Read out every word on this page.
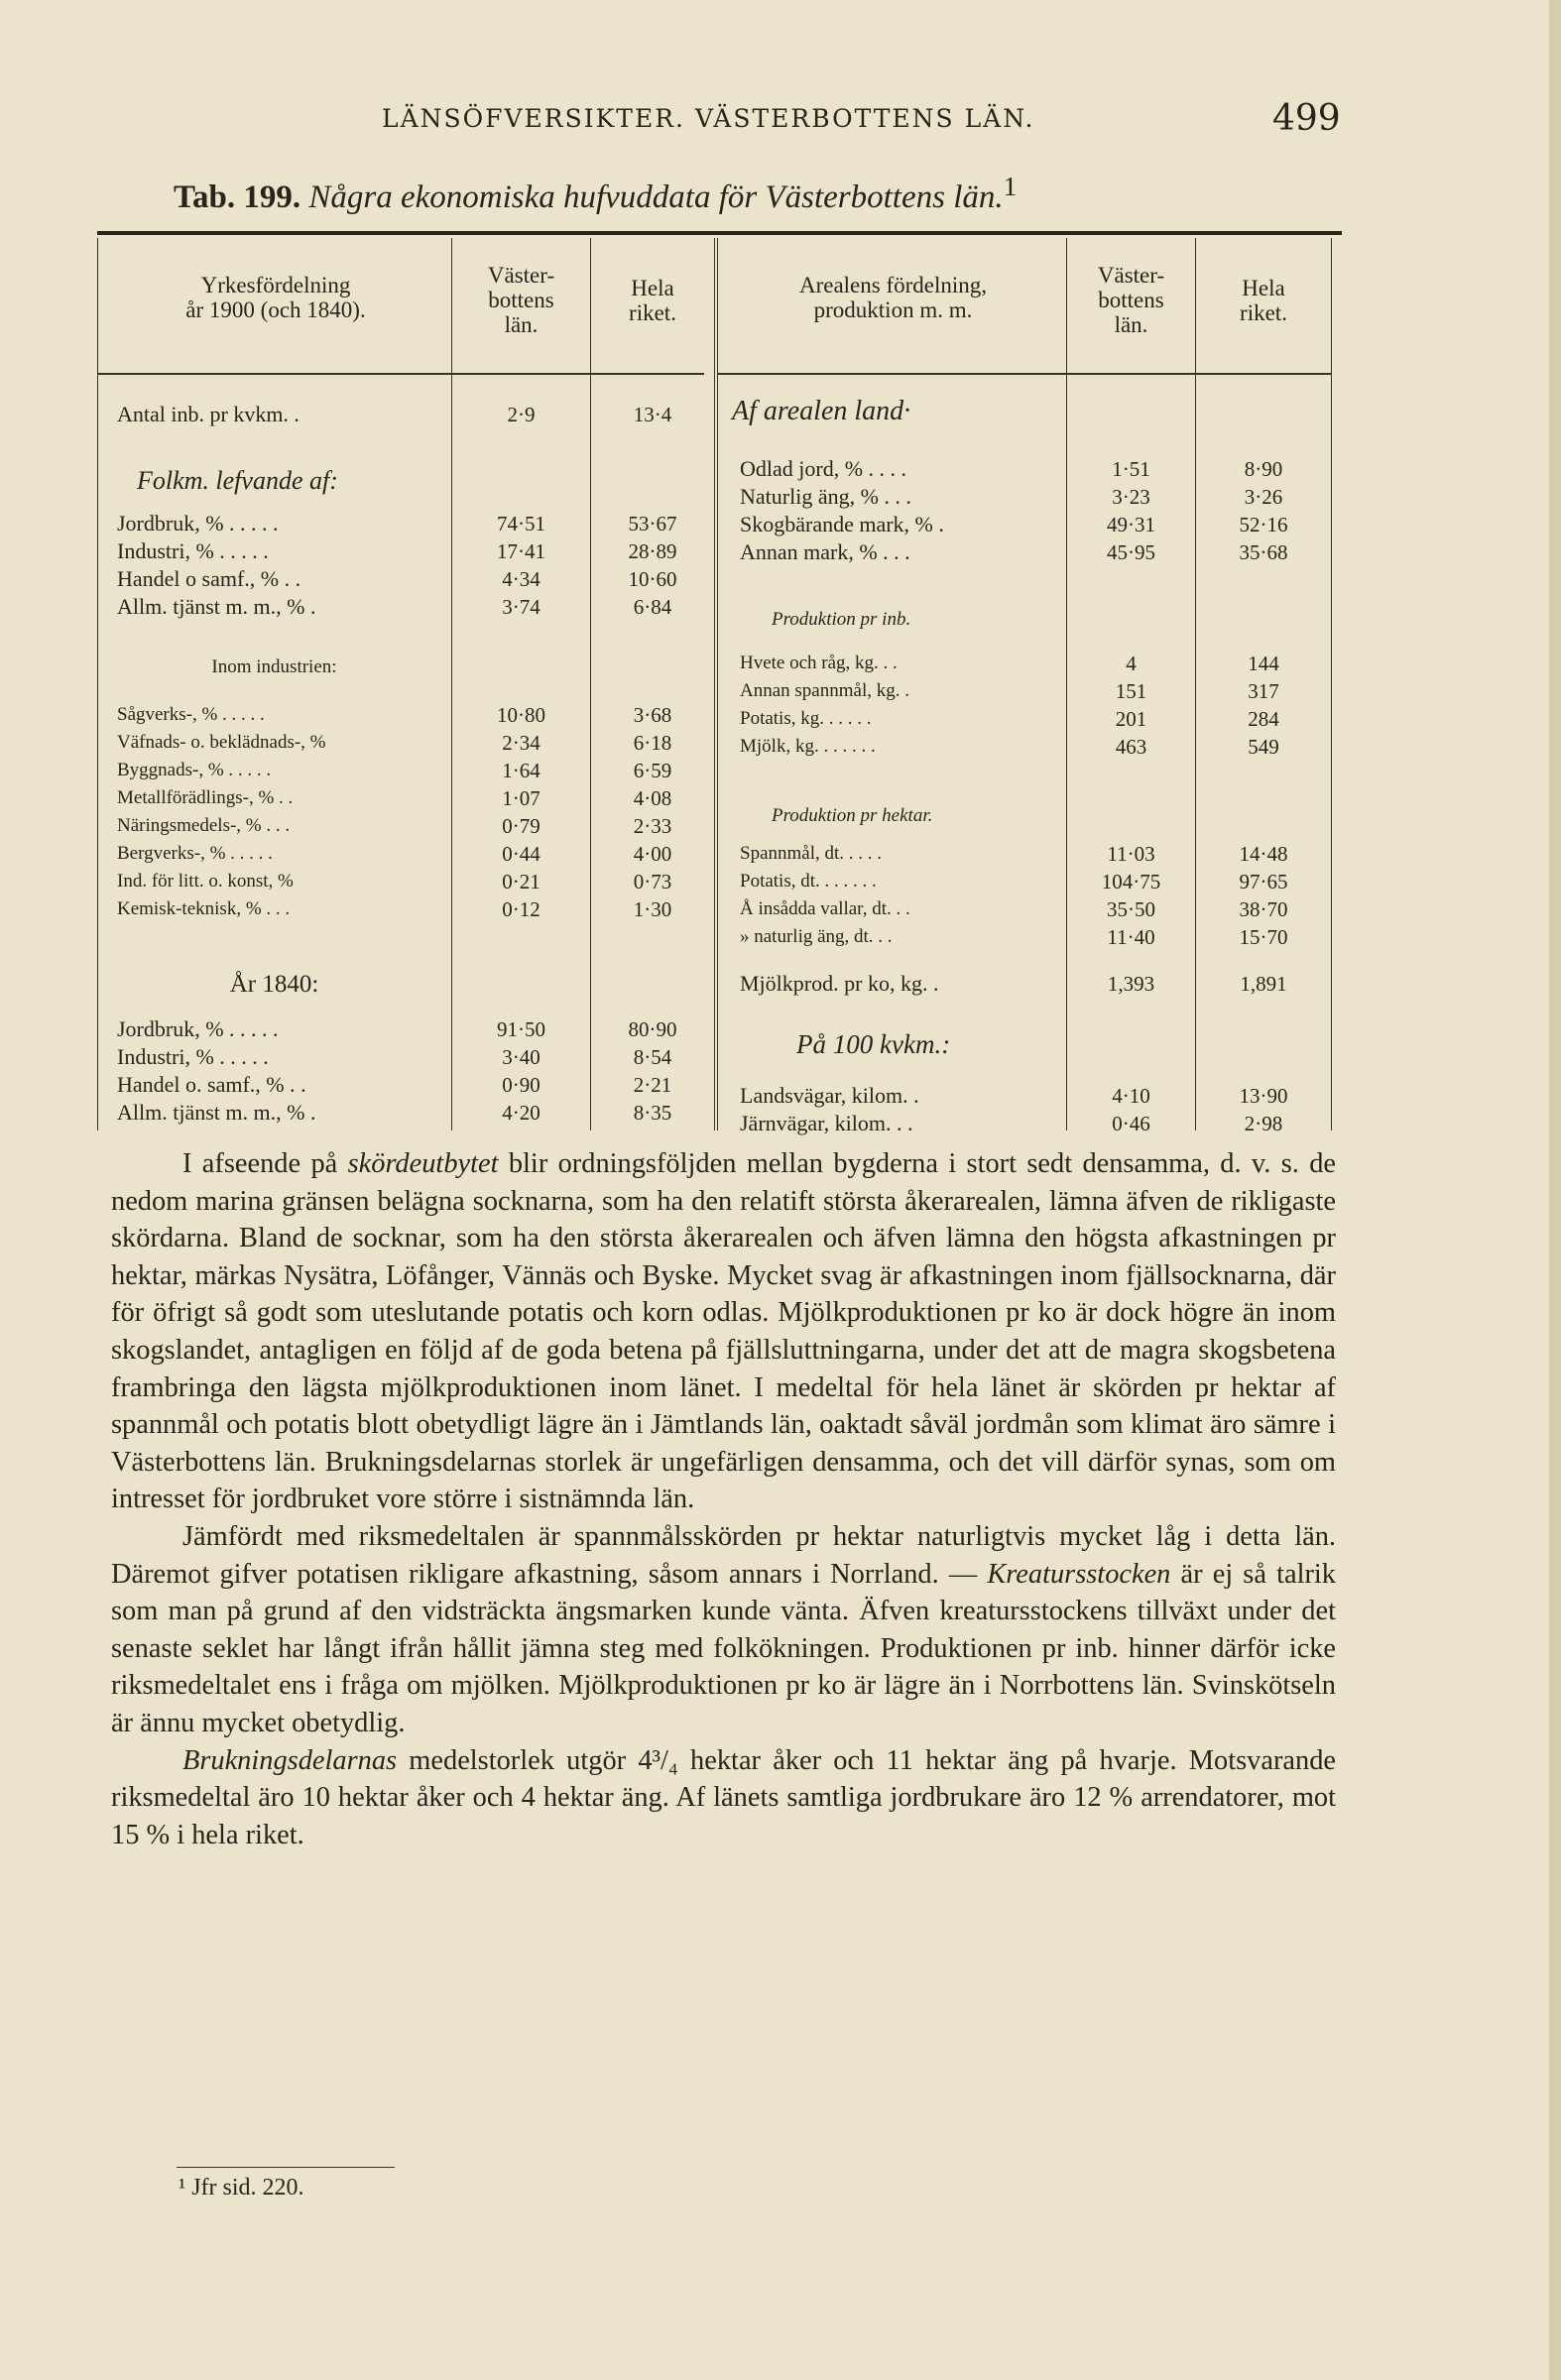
LÄNSÖFVERSIKTER. VÄSTERBOTTENS LÄN.	499
Tab. 199. Några ekonomiska hufvuddata för Västerbottens län.$^1$
Yrkesfördelning
år 1900 (och 1840).
Väster-
bottens
län.
Hela
riket.
Arealens fördelning,
produktion m. m.
Väster-
bottens
län.
Hela
riket.
Antal inb. pr kvkm. .	2·9	13·4
Folkm. lefvande af:
Jordbruk, % . . . . .	74·51	53·67
Industri, % . . . . .	17·41	28·89
Handel o samf., % . .	4·34	10·60
Allm. tjänst m. m., % .	3·74	6·84
Inom industrien:
Sågverks-, % . . . . .	10·80	3·68
Väfnads- o. beklädnads-, %	2·34	6·18
Byggnads-, % . . . . .	1·64	6·59
Metallförädlings-, % . .	1·07	4·08
Näringsmedels-, % . . .	0·79	2·33
Bergverks-, % . . . . .	0·44	4·00
Ind. för litt. o. konst, %	0·21	0·73
Kemisk-teknisk, % . . .	0·12	1·30
År 1840:
Jordbruk, % . . . . .	91·50	80·90
Industri, % . . . . .	3·40	8·54
Handel o. samf., % . .	0·90	2·21
Allm. tjänst m. m., % .	4·20	8·35
Af arealen land·
Odlad jord, % . . . .	1·51	8·90
Naturlig äng, % . . .	3·23	3·26
Skogbärande mark, % .	49·31	52·16
Annan mark, % . . .	45·95	35·68
Produktion pr inb.
Hvete och råg, kg. . .	4	144
Annan spannmål, kg. .	151	317
Potatis, kg. . . . . .	201	284
Mjölk, kg. . . . . . .	463	549
Produktion pr hektar.
Spannmål, dt. . . . .	11·03	14·48
Potatis, dt. . . . . . .	104·75	97·65
Å insådda vallar, dt. . .	35·50	38·70
» naturlig äng, dt. . .	11·40	15·70
Mjölkprod. pr ko, kg. .	1,393	1,891
På 100 kvkm.:
Landsvägar, kilom. .	4·10	13·90
Järnvägar, kilom. . .	0·46	2·98

I afseende på skördeutbytet blir ordningsföljden mellan bygderna i stort sedt densamma, d. v. s. de nedom marina gränsen belägna socknarna, som ha den relatift största åkerarealen, lämna äfven de rikligaste skördarna. Bland de socknar, som ha den största åkerarealen och äfven lämna den högsta afkastningen pr hektar, märkas Nysätra, Löfånger, Vännäs och Byske. Mycket svag är afkastningen inom fjällsocknarna, där för öfrigt så godt som uteslutande potatis och korn odlas. Mjölkproduktionen pr ko är dock högre än inom skogslandet, antagligen en följd af de goda betena på fjällsluttningarna, under det att de magra skogsbetena frambringa den lägsta mjölkproduktionen inom länet. I medeltal för hela länet är skörden pr hektar af spannmål och potatis blott obetydligt lägre än i Jämtlands län, oaktadt såväl jordmån som klimat äro sämre i Västerbottens län. Brukningsdelarnas storlek är ungefärligen densamma, och det vill därför synas, som om intresset för jordbruket vore större i sistnämnda län.

Jämfördt med riksmedeltalen är spannmålsskörden pr hektar naturligtvis mycket låg i detta län. Däremot gifver potatisen rikligare afkastning, såsom annars i Norrland. — Kreatursstocken är ej så talrik som man på grund af den vidsträckta ängsmarken kunde vänta. Äfven kreatursstockens tillväxt under det senaste seklet har långt ifrån hållit jämna steg med folkökningen. Produktionen pr inb. hinner därför icke riksmedeltalet ens i fråga om mjölken. Mjölkproduktionen pr ko är lägre än i Norrbottens län. Svinskötseln är ännu mycket obetydlig.

Brukningsdelarnas medelstorlek utgör 4³/₄ hektar åker och 11 hektar äng på hvarje. Motsvarande riksmedeltal äro 10 hektar åker och 4 hektar äng. Af länets samtliga jordbrukare äro 12 % arrendatorer, mot 15 % i hela riket.

¹ Jfr sid. 220.
